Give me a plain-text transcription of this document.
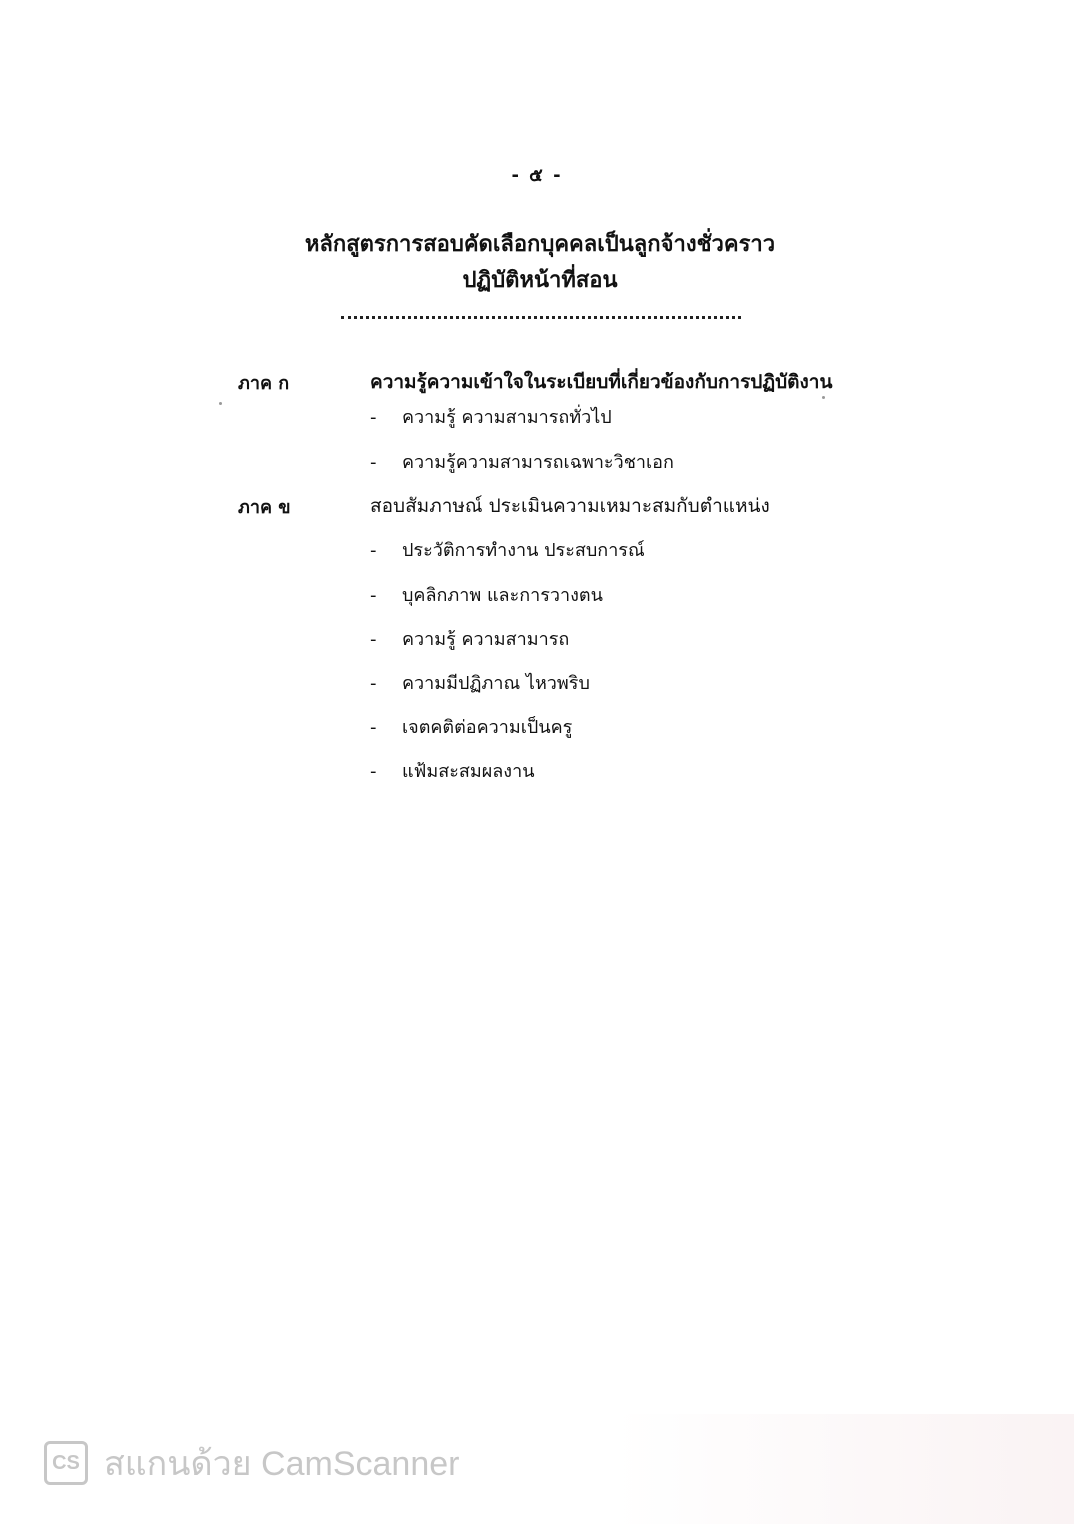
- ๕ -
หลักสูตรการสอบคัดเลือกบุคคลเป็นลูกจ้างชั่วคราว
ปฏิบัติหน้าที่สอน
ภาค ก	ความรู้ความเข้าใจในระเบียบที่เกี่ยวข้องกับการปฏิบัติงาน
- ความรู้ ความสามารถทั่วไป
- ความรู้ความสามารถเฉพาะวิชาเอก
ภาค ข	สอบสัมภาษณ์ ประเมินความเหมาะสมกับตำแหน่ง
- ประวัติการทำงาน ประสบการณ์
- บุคลิกภาพ และการวางตน
- ความรู้ ความสามารถ
- ความมีปฏิภาณ ไหวพริบ
- เจตคติต่อความเป็นครู
- แฟ้มสะสมผลงาน
CS สแกนด้วย CamScanner
